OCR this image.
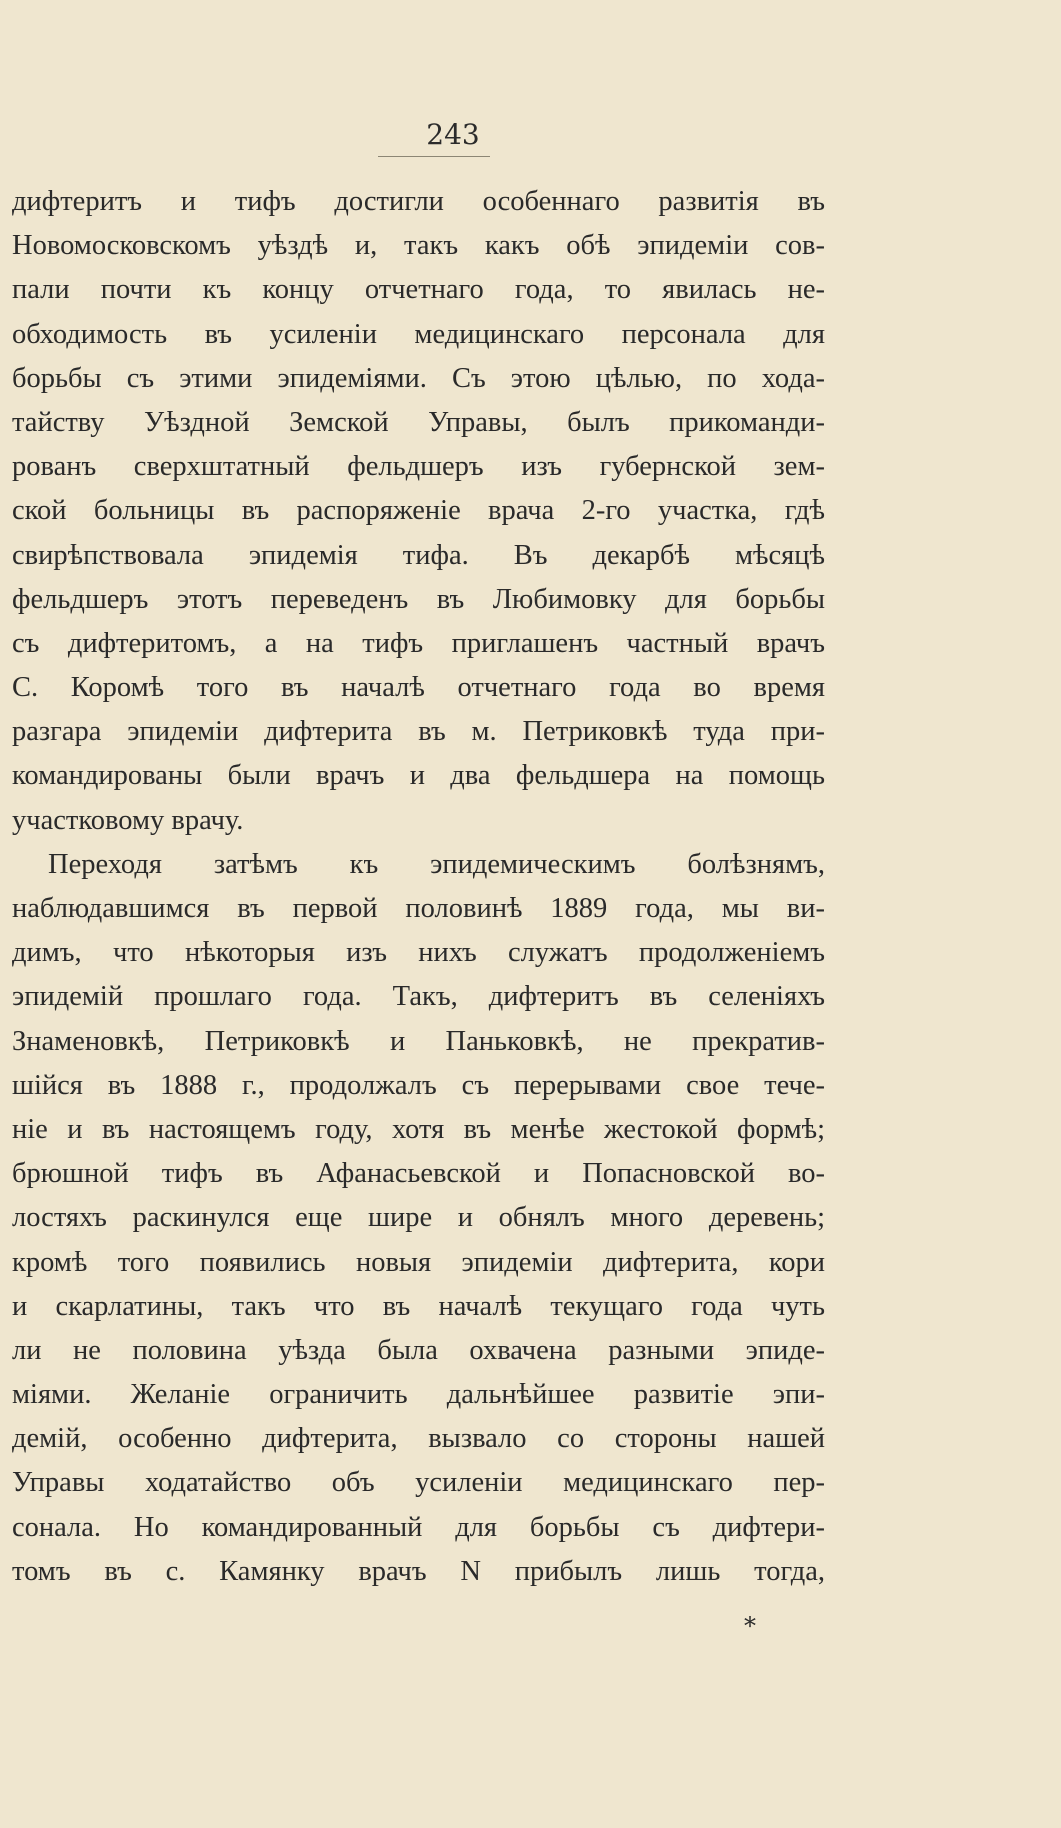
243
дифтеритъ и тифъ достигли особеннаго развитія въ
Новомосковскомъ уѣздѣ и, такъ какъ обѣ эпидеміи сов-
пали почти къ концу отчетнаго года, то явилась не-
обходимость въ усиленіи медицинскаго персонала для
борьбы съ этими эпидеміями. Съ этою цѣлью, по хода-
тайству Уѣздной Земской Управы, былъ прикоманди-
рованъ сверхштатный фельдшеръ изъ губернской зем-
ской больницы въ распоряженіе врача 2-го участка, гдѣ
свирѣпствовала эпидемія тифа. Въ декарбѣ мѣсяцѣ
фельдшеръ этотъ переведенъ въ Любимовку для борьбы
съ дифтеритомъ, а на тифъ приглашенъ частный врачъ
С. Коромѣ того въ началѣ отчетнаго года во время
разгара эпидеміи дифтерита въ м. Петриковкѣ туда при-
командированы были врачъ и два фельдшера на помощь
участковому врачу.
Переходя затѣмъ къ эпидемическимъ болѣзнямъ,
наблюдавшимся въ первой половинѣ 1889 года, мы ви-
димъ, что нѣкоторыя изъ нихъ служатъ продолженіемъ
эпидемій прошлаго года. Такъ, дифтеритъ въ селеніяхъ
Знаменовкѣ, Петриковкѣ и Паньковкѣ, не прекратив-
шійся въ 1888 г., продолжалъ съ перерывами свое тече-
ніе и въ настоящемъ году, хотя въ менѣе жестокой формѣ;
брюшной тифъ въ Афанасьевской и Попасновской во-
лостяхъ раскинулся еще шире и обнялъ много деревень;
кромѣ того появились новыя эпидеміи дифтерита, кори
и скарлатины, такъ что въ началѣ текущаго года чуть
ли не половина уѣзда была охвачена разными эпиде-
міями. Желаніе ограничить дальнѣйшее развитіе эпи-
демій, особенно дифтерита, вызвало со стороны нашей
Управы ходатайство объ усиленіи медицинскаго пер-
сонала. Но командированный для борьбы съ дифтери-
томъ въ с. Камянку врачъ N прибылъ лишь тогда,
*
